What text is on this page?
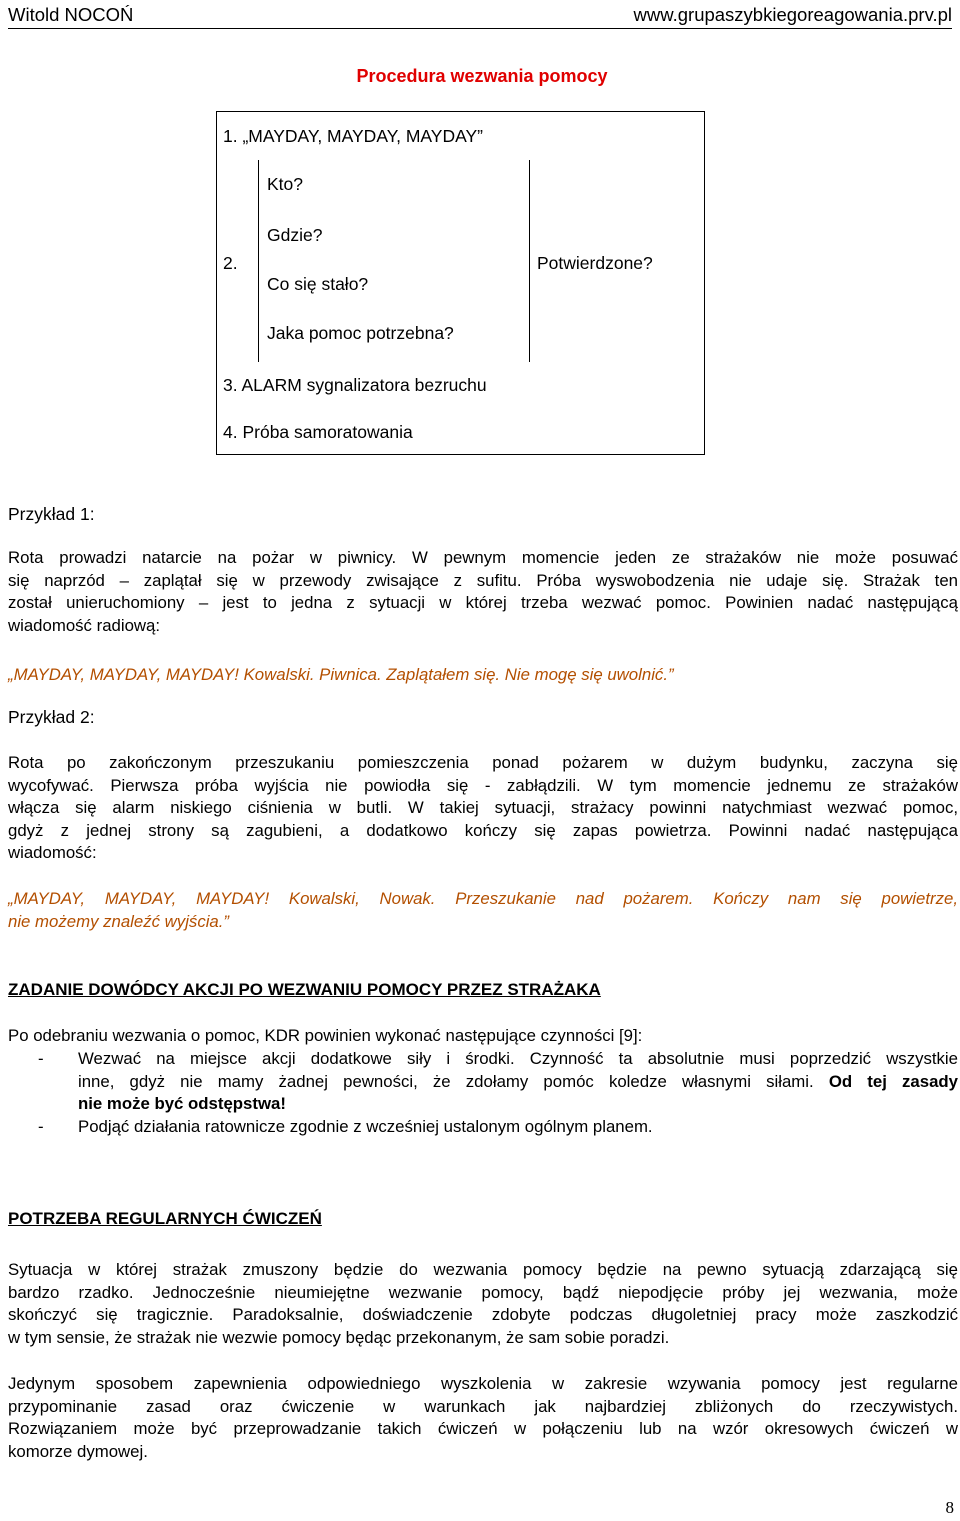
Witold NOCOŃ	www.grupaszybkiegoreagowania.prv.pl
Procedura wezwania pomocy
1. „MAYDAY, MAYDAY, MAYDAY”
Kto?
Gdzie?
2.	Potwierdzone?
Co się stało?
Jaka pomoc potrzebna?
3. ALARM sygnalizatora bezruchu
4. Próba samoratowania
Przykład 1:
Rota prowadzi natarcie na pożar w piwnicy. W pewnym momencie jeden ze strażaków nie może posuwać
się naprzód – zaplątał się w przewody zwisające z sufitu. Próba wyswobodzenia nie udaje się. Strażak ten
został unieruchomiony – jest to jedna z sytuacji w której trzeba wezwać pomoc. Powinien nadać następującą
wiadomość radiową:
„MAYDAY, MAYDAY, MAYDAY! Kowalski. Piwnica. Zaplątałem się. Nie mogę się uwolnić.”
Przykład 2:
Rota po zakończonym przeszukaniu pomieszczenia ponad pożarem w dużym budynku, zaczyna się
wycofywać. Pierwsza próba wyjścia nie powiodła się - zabłądzili. W tym momencie jednemu ze strażaków
włącza się alarm niskiego ciśnienia w butli. W takiej sytuacji, strażacy powinni natychmiast wezwać pomoc,
gdyż z jednej strony są zagubieni, a dodatkowo kończy się zapas powietrza. Powinni nadać następująca
wiadomość:
„MAYDAY, MAYDAY, MAYDAY! Kowalski, Nowak. Przeszukanie nad pożarem. Kończy nam się powietrze,
nie możemy znaleźć wyjścia.”
ZADANIE DOWÓDCY AKCJI PO WEZWANIU POMOCY PRZEZ STRAŻAKA
Po odebraniu wezwania o pomoc, KDR powinien wykonać następujące czynności [9]:
- Wezwać na miejsce akcji dodatkowe siły i środki. Czynność ta absolutnie musi poprzedzić wszystkie
inne, gdyż nie mamy żadnej pewności, że zdołamy pomóc koledze własnymi siłami. Od tej zasady
nie może być odstępstwa!
- Podjąć działania ratownicze zgodnie z wcześniej ustalonym ogólnym planem.
POTRZEBA REGULARNYCH ĆWICZEŃ
Sytuacja w której strażak zmuszony będzie do wezwania pomocy będzie na pewno sytuacją zdarzającą się
bardzo rzadko. Jednocześnie nieumiejętne wezwanie pomocy, bądź niepodjęcie próby jej wezwania, może
skończyć się tragicznie. Paradoksalnie, doświadczenie zdobyte podczas długoletniej pracy może zaszkodzić
w tym sensie, że strażak nie wezwie pomocy będąc przekonanym, że sam sobie poradzi.
Jedynym sposobem zapewnienia odpowiedniego wyszkolenia w zakresie wzywania pomocy jest regularne
przypominanie zasad oraz ćwiczenie w warunkach jak najbardziej zbliżonych do rzeczywistych.
Rozwiązaniem może być przeprowadzanie takich ćwiczeń w połączeniu lub na wzór okresowych ćwiczeń w
komorze dymowej.
8
